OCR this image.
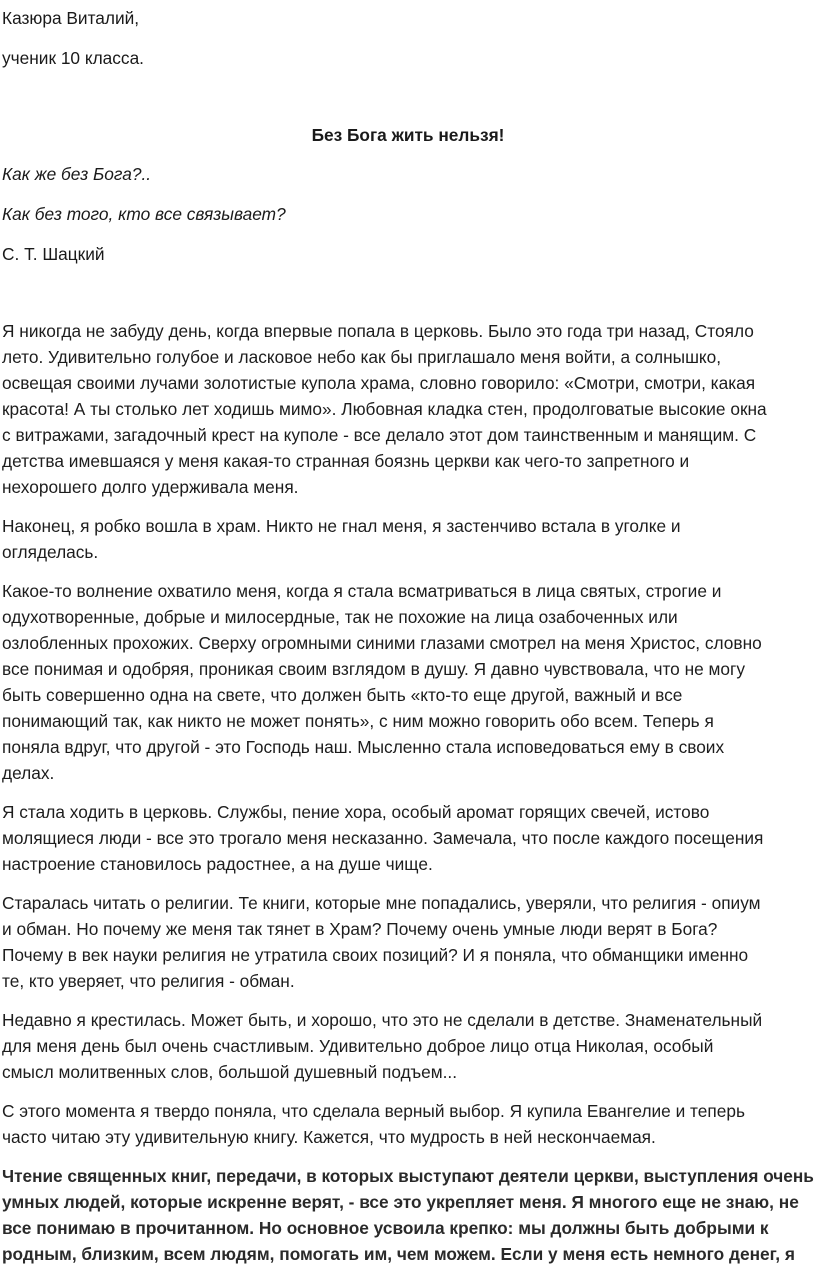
Казюра Виталий,
ученик 10 класса.
Без Бога жить нельзя!
Как же без Бога?..
Как без того, кто все связывает?
С. Т. Шацкий
Я никогда не забуду день, когда впервые попала в церковь. Было это года три назад, Стояло
лето. Удивительно голубое и ласковое небо как бы приглашало меня войти, а солнышко,
освещая своими лучами золотистые купола храма, словно говорило: «Смотри, смотри, какая
красота! А ты столько лет ходишь мимо». Любовная кладка стен, продолговатые высокие окна
с витражами, загадочный крест на куполе - все делало этот дом таинственным и манящим. С
детства имевшаяся у меня какая-то странная боязнь церкви как чего-то запретного и
нехорошего долго удерживала меня.
Наконец, я робко вошла в храм. Никто не гнал меня, я застенчиво встала в уголке и
огляделась.
Какое-то волнение охватило меня, когда я стала всматриваться в лица святых, строгие и
одухотворенные, добрые и милосердные, так не похожие на лица озабоченных или
озлобленных прохожих. Сверху огромными синими глазами смотрел на меня Христос, словно
все понимая и одобряя, проникая своим взглядом в душу. Я давно чувствовала, что не могу
быть совершенно одна на свете, что должен быть «кто-то еще другой, важный и все
понимающий так, как никто не может понять», с ним можно говорить обо всем. Теперь я
поняла вдруг, что другой - это Господь наш. Мысленно стала исповедоваться ему в своих
делах.
Я стала ходить в церковь. Службы, пение хора, особый аромат горящих свечей, истово
молящиеся люди - все это трогало меня несказанно. Замечала, что после каждого посещения
настроение становилось радостнее, а на душе чище.
Старалась читать о религии. Те книги, которые мне попадались, уверяли, что религия - опиум
и обман. Но почему же меня так тянет в Храм? Почему очень умные люди верят в Бога?
Почему в век науки религия не утратила своих позиций? И я поняла, что обманщики именно
те, кто уверяет, что религия - обман.
Недавно я крестилась. Может быть, и хорошо, что это не сделали в детстве. Знаменательный
для меня день был очень счастливым. Удивительно доброе лицо отца Николая, особый
смысл молитвенных слов, большой душевный подъем...
С этого момента я твердо поняла, что сделала верный выбор. Я купила Евангелие и теперь
часто читаю эту удивительную книгу. Кажется, что мудрость в ней нескончаемая.
Чтение священных книг, передачи, в которых выступают деятели церкви, выступления очень
умных людей, которые искренне верят, - все это укрепляет меня. Я многого еще не знаю, не
все понимаю в прочитанном. Но основное усвоила крепко: мы должны быть добрыми к
родным, близким, всем людям, помогать им, чем можем. Если у меня есть немного денег, я
